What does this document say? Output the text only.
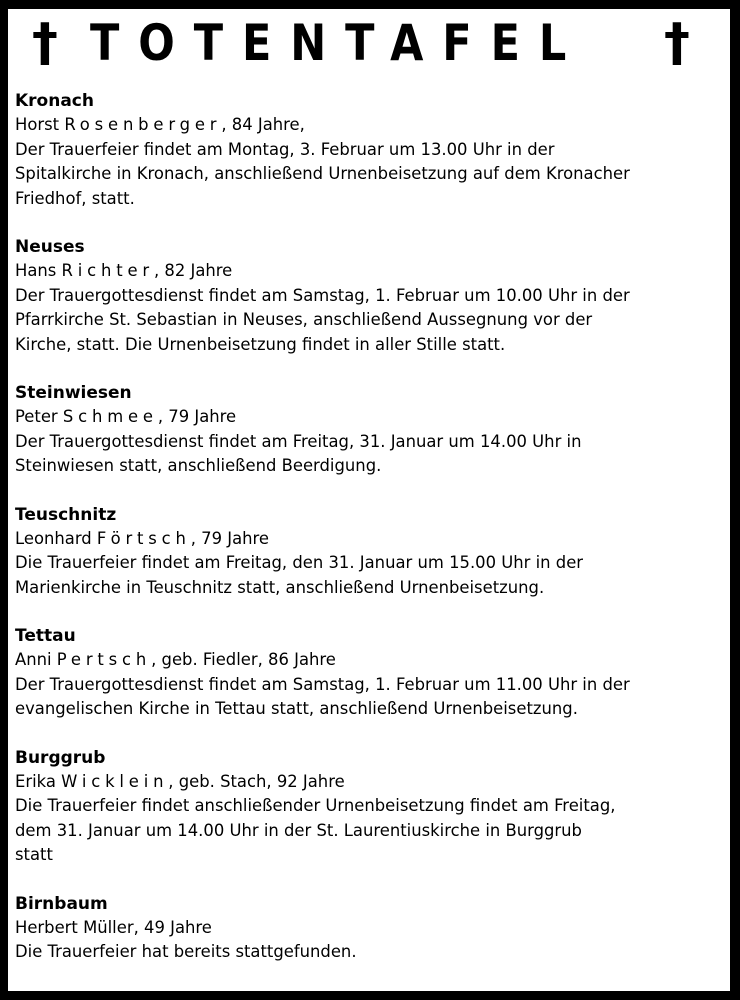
† TOTENTAFEL †
Kronach
Horst Rosenberger, 84 Jahre,
Der Trauerfeier findet am Montag, 3. Februar um 13.00 Uhr in der
Spitalkirche in Kronach, anschließend Urnenbeisetzung auf dem Kronacher
Friedhof, statt.
Neuses
Hans Richter, 82 Jahre
Der Trauergottesdienst findet am Samstag, 1. Februar um 10.00 Uhr in der
Pfarrkirche St. Sebastian in Neuses, anschließend Aussegnung vor der
Kirche, statt. Die Urnenbeisetzung findet in aller Stille statt.
Steinwiesen
Peter Schmee, 79 Jahre
Der Trauergottesdienst findet am Freitag, 31. Januar um 14.00 Uhr in
Steinwiesen statt, anschließend Beerdigung.
Teuschnitz
Leonhard Förtsch, 79 Jahre
Die Trauerfeier findet am Freitag, den 31. Januar um 15.00 Uhr in der
Marienkirche in Teuschnitz statt, anschließend Urnenbeisetzung.
Tettau
Anni Pertsch, geb. Fiedler, 86 Jahre
Der Trauergottesdienst findet am Samstag, 1. Februar um 11.00 Uhr in der
evangelischen Kirche in Tettau statt, anschließend Urnenbeisetzung.
Burggrub
Erika Wicklein, geb. Stach, 92 Jahre
Die Trauerfeier findet anschließender Urnenbeisetzung findet am Freitag,
dem 31. Januar um 14.00 Uhr in der St. Laurentiuskirche in Burggrub
statt
Birnbaum
Herbert Müller, 49 Jahre
Die Trauerfeier hat bereits stattgefunden.
